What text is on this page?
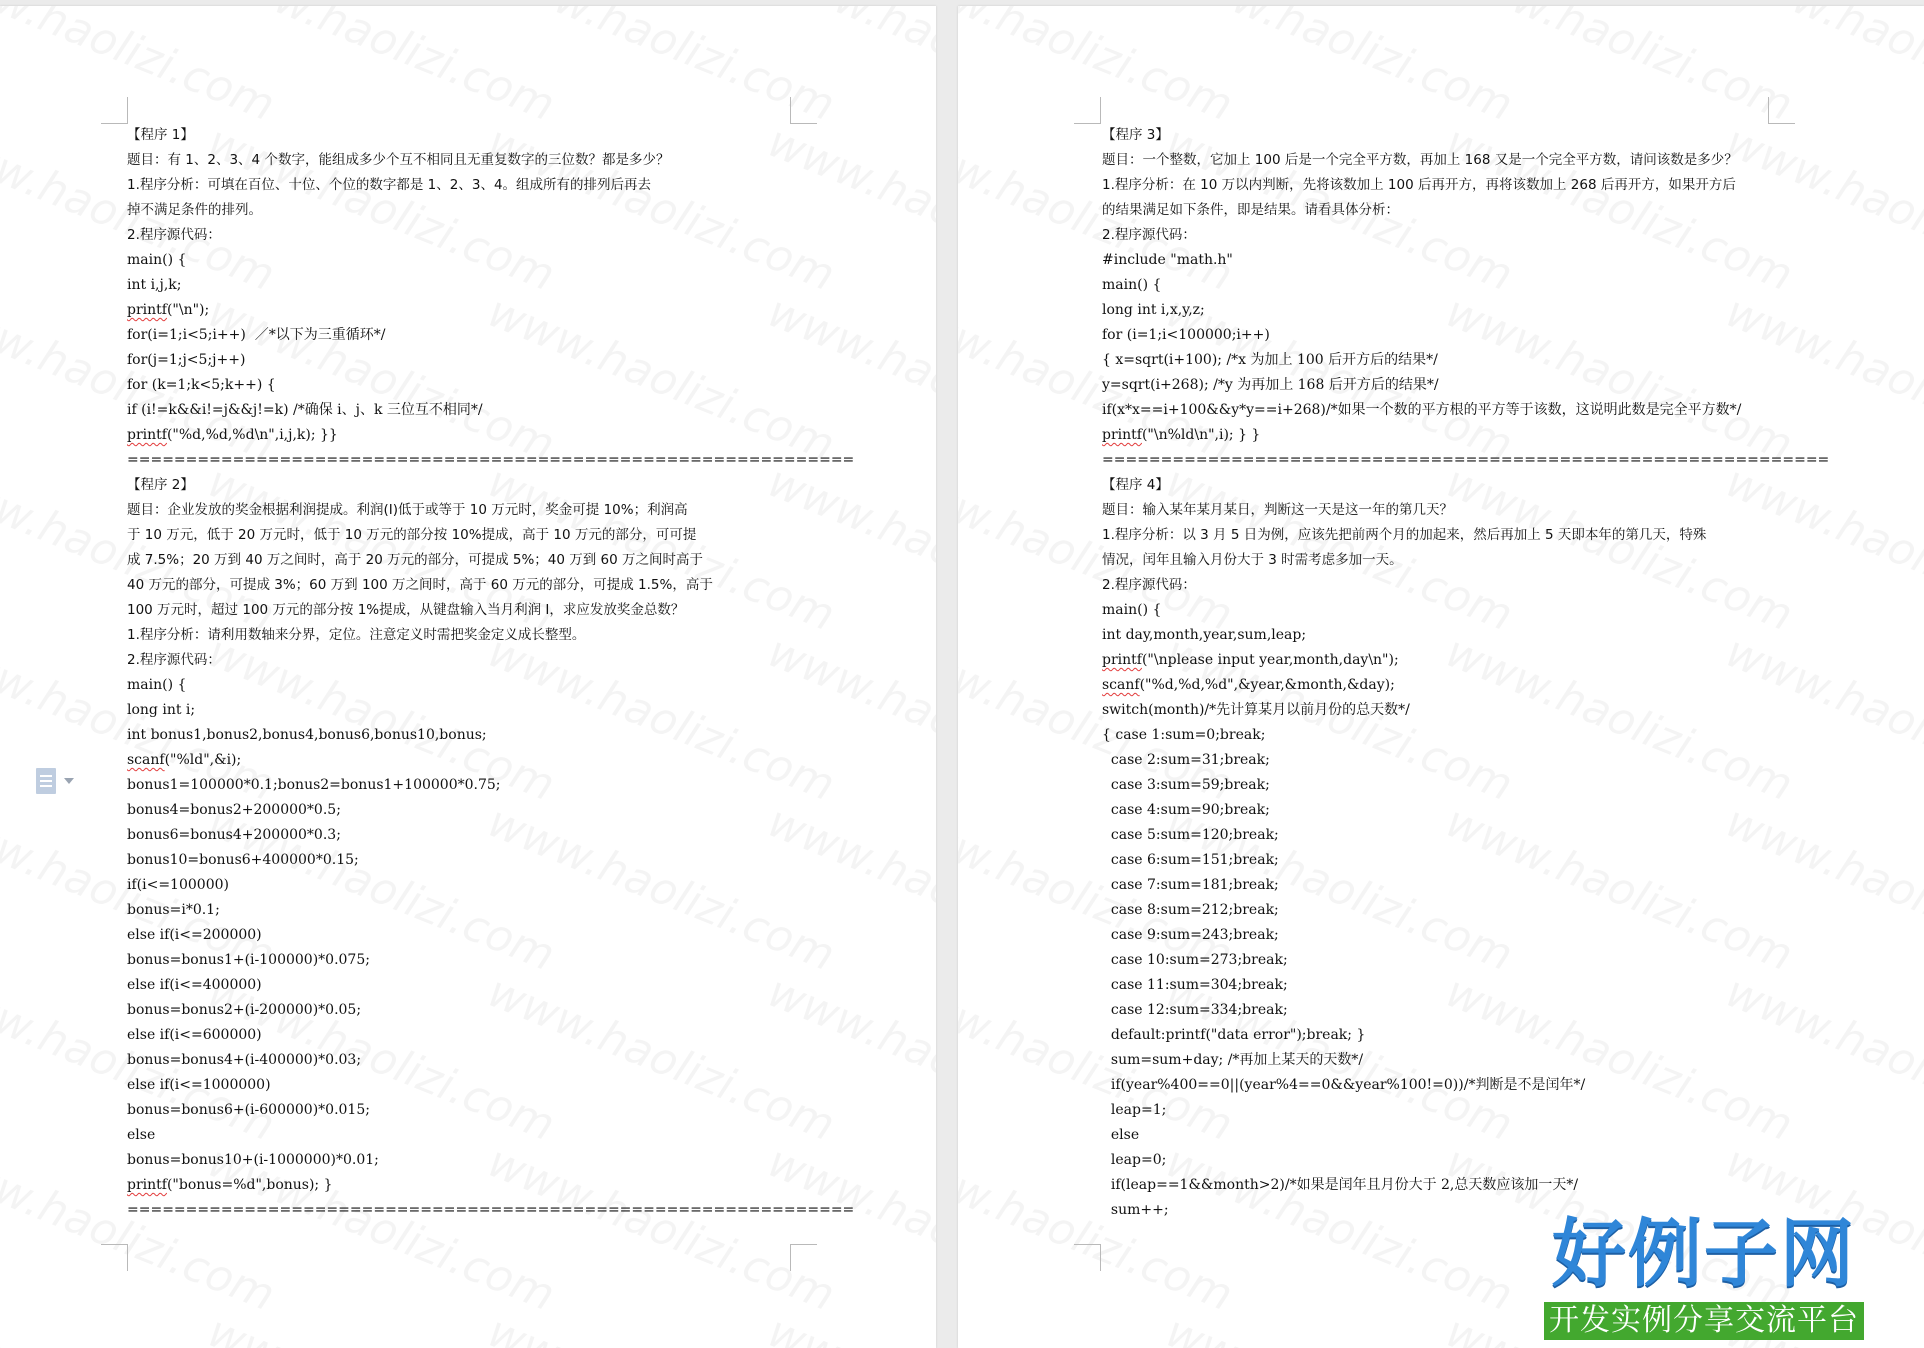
【程序 1】
题目：有 1、2、3、4 个数字，能组成多少个互不相同且无重复数字的三位数？都是多少？
1.程序分析：可填在百位、十位、个位的数字都是 1、2、3、4。组成所有的排列后再去
掉不满足条件的排列。
2.程序源代码：
main() {
int i,j,k;
printf("\n");
for(i=1;i<5;i++)  ／*以下为三重循环*/
for(j=1;j<5;j++)
for (k=1;k<5;k++) {
if (i!=k&&i!=j&&j!=k) /*确保 i、j、k 三位互不相同*/
printf("%d,%d,%d\n",i,j,k); }}
==============================================================
【程序 2】
题目：企业发放的奖金根据利润提成。利润(I)低于或等于 10 万元时，奖金可提 10%；利润高
于 10 万元，低于 20 万元时，低于 10 万元的部分按 10%提成，高于 10 万元的部分，可可提
成 7.5%；20 万到 40 万之间时，高于 20 万元的部分，可提成 5%；40 万到 60 万之间时高于
40 万元的部分，可提成 3%；60 万到 100 万之间时，高于 60 万元的部分，可提成 1.5%，高于
100 万元时，超过 100 万元的部分按 1%提成，从键盘输入当月利润 I，求应发放奖金总数？
1.程序分析：请利用数轴来分界，定位。注意定义时需把奖金定义成长整型。
2.程序源代码：
main() {
long int i;
int bonus1,bonus2,bonus4,bonus6,bonus10,bonus;
scanf("%ld",&i);
bonus1=100000*0.1;bonus2=bonus1+100000*0.75;
bonus4=bonus2+200000*0.5;
bonus6=bonus4+200000*0.3;
bonus10=bonus6+400000*0.15;
if(i<=100000)
bonus=i*0.1;
else if(i<=200000)
bonus=bonus1+(i-100000)*0.075;
else if(i<=400000)
bonus=bonus2+(i-200000)*0.05;
else if(i<=600000)
bonus=bonus4+(i-400000)*0.03;
else if(i<=1000000)
bonus=bonus6+(i-600000)*0.015;
else
bonus=bonus10+(i-1000000)*0.01;
printf("bonus=%d",bonus); }
==============================================================
【程序 3】
题目：一个整数，它加上 100 后是一个完全平方数，再加上 168 又是一个完全平方数，请问该数是多少？
1.程序分析：在 10 万以内判断，先将该数加上 100 后再开方，再将该数加上 268 后再开方，如果开方后
的结果满足如下条件，即是结果。请看具体分析：
2.程序源代码：
#include "math.h"
main() {
long int i,x,y,z;
for (i=1;i<100000;i++)
{ x=sqrt(i+100); /*x 为加上 100 后开方后的结果*/
y=sqrt(i+268); /*y 为再加上 168 后开方后的结果*/
if(x*x==i+100&&y*y==i+268)/*如果一个数的平方根的平方等于该数，这说明此数是完全平方数*/
printf("\n%ld\n",i); } }
==============================================================
【程序 4】
题目：输入某年某月某日，判断这一天是这一年的第几天？
1.程序分析：以 3 月 5 日为例，应该先把前两个月的加起来，然后再加上 5 天即本年的第几天，特殊
情况，闰年且输入月份大于 3 时需考虑多加一天。
2.程序源代码：
main() {
int day,month,year,sum,leap;
printf("\nplease input year,month,day\n");
scanf("%d,%d,%d",&year,&month,&day);
switch(month)/*先计算某月以前月份的总天数*/
{ case 1:sum=0;break;
case 2:sum=31;break;
case 3:sum=59;break;
case 4:sum=90;break;
case 5:sum=120;break;
case 6:sum=151;break;
case 7:sum=181;break;
case 8:sum=212;break;
case 9:sum=243;break;
case 10:sum=273;break;
case 11:sum=304;break;
case 12:sum=334;break;
default:printf("data error");break; }
sum=sum+day; /*再加上某天的天数*/
if(year%400==0||(year%4==0&&year%100!=0))/*判断是不是闰年*/
leap=1;
else
leap=0;
if(leap==1&&month>2)/*如果是闰年且月份大于 2,总天数应该加一天*/
sum++;
好例子网
开发实例分享交流平台
